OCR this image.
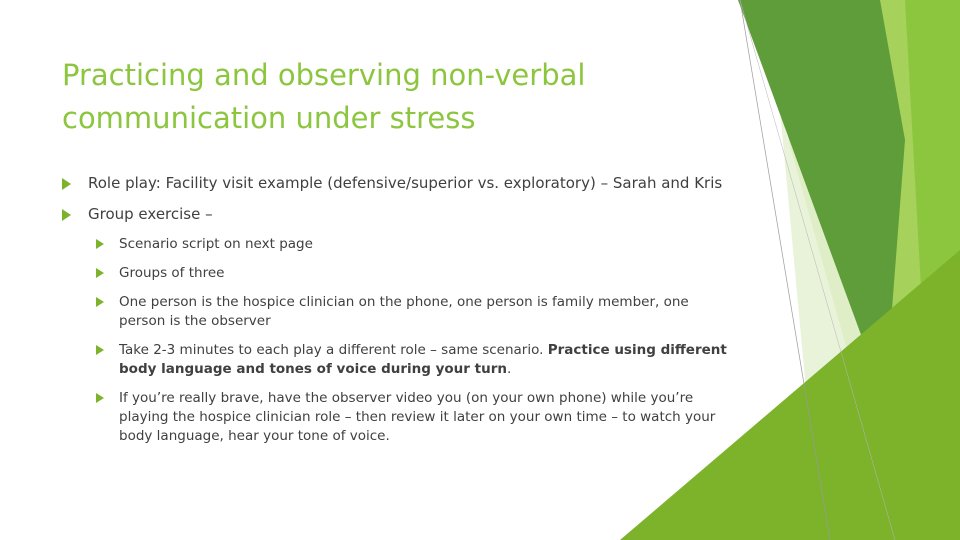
Practicing and observing non-verbal communication under stress

Role play: Facility visit example (defensive/superior vs. exploratory) – Sarah and Kris

Group exercise –

Scenario script on next page

Groups of three

One person is the hospice clinician on the phone, one person is family member, one person is the observer

Take 2-3 minutes to each play a different role – same scenario. Practice using different body language and tones of voice during your turn.

If you’re really brave, have the observer video you (on your own phone) while you’re playing the hospice clinician role – then review it later on your own time – to watch your body language, hear your tone of voice.

21
